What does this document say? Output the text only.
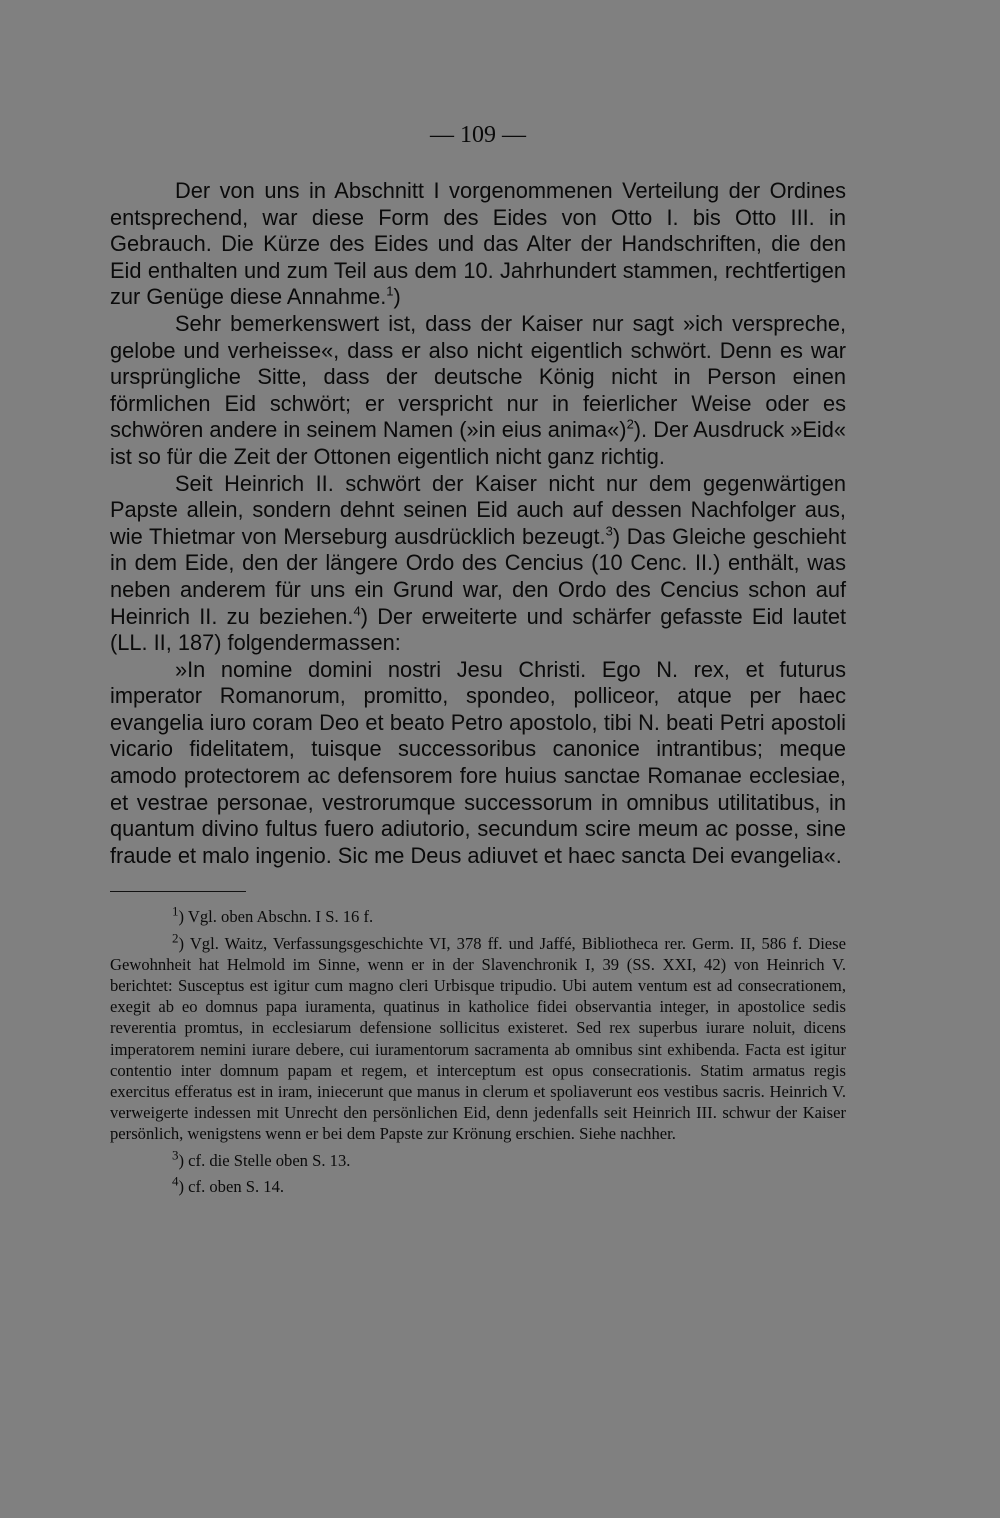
— 109 —

Der von uns in Abschnitt I vorgenommenen Verteilung der Ordines entsprechend, war diese Form des Eides von Otto I. bis Otto III. in Gebrauch. Die Kürze des Eides und das Alter der Handschriften, die den Eid enthalten und zum Teil aus dem 10. Jahrhundert stammen, rechtfertigen zur Genüge diese Annahme.$^1$)

Sehr bemerkenswert ist, dass der Kaiser nur sagt »ich verspreche, gelobe und verheisse«, dass er also nicht eigentlich schwört. Denn es war ursprüngliche Sitte, dass der deutsche König nicht in Person einen förmlichen Eid schwört; er verspricht nur in feierlicher Weise oder es schwören andere in seinem Namen (»in eius anima«)$^2$). Der Ausdruck »Eid« ist so für die Zeit der Ottonen eigentlich nicht ganz richtig.

Seit Heinrich II. schwört der Kaiser nicht nur dem gegenwärtigen Papste allein, sondern dehnt seinen Eid auch auf dessen Nachfolger aus, wie Thietmar von Merseburg ausdrücklich bezeugt.$^3$) Das Gleiche geschieht in dem Eide, den der längere Ordo des Cencius (10 Cenc. II.) enthält, was neben anderem für uns ein Grund war, den Ordo des Cencius schon auf Heinrich II. zu beziehen.$^4$) Der erweiterte und schärfer gefasste Eid lautet (LL. II, 187) folgendermassen:

»In nomine domini nostri Jesu Christi. Ego N. rex, et futurus imperator Romanorum, promitto, spondeo, polliceor, atque per haec evangelia iuro coram Deo et beato Petro apostolo, tibi N. beati Petri apostoli vicario fidelitatem, tuisque successoribus canonice intrantibus; meque amodo protectorem ac defensorem fore huius sanctae Romanae ecclesiae, et vestrae personae, vestrorumque successorum in omnibus utilitatibus, in quantum divino fultus fuero adiutorio, secundum scire meum ac posse, sine fraude et malo ingenio. Sic me Deus adiuvet et haec sancta Dei evangelia«.

$^1$) Vgl. oben Abschn. I S. 16 f.

$^2$) Vgl. Waitz, Verfassungsgeschichte VI, 378 ff. und Jaffé, Bibliotheca rer. Germ. II, 586 f. Diese Gewohnheit hat Helmold im Sinne, wenn er in der Slavenchronik I, 39 (SS. XXI, 42) von Heinrich V. berichtet: Susceptus est igitur cum magno cleri Urbisque tripudio. Ubi autem ventum est ad consecrationem, exegit ab eo domnus papa iuramenta, quatinus in katholice fidei observantia integer, in apostolice sedis reverentia promtus, in ecclesiarum defensione sollicitus existeret. Sed rex superbus iurare noluit, dicens imperatorem nemini iurare debere, cui iuramentorum sacramenta ab omnibus sint exhibenda. Facta est igitur contentio inter domnum papam et regem, et interceptum est opus consecrationis. Statim armatus regis exercitus efferatus est in iram, iniecerunt que manus in clerum et spoliaverunt eos vestibus sacris. Heinrich V. verweigerte indessen mit Unrecht den persönlichen Eid, denn jedenfalls seit Heinrich III. schwur der Kaiser persönlich, wenigstens wenn er bei dem Papste zur Krönung erschien. Siehe nachher.

$^3$) cf. die Stelle oben S. 13.

$^4$) cf. oben S. 14.
